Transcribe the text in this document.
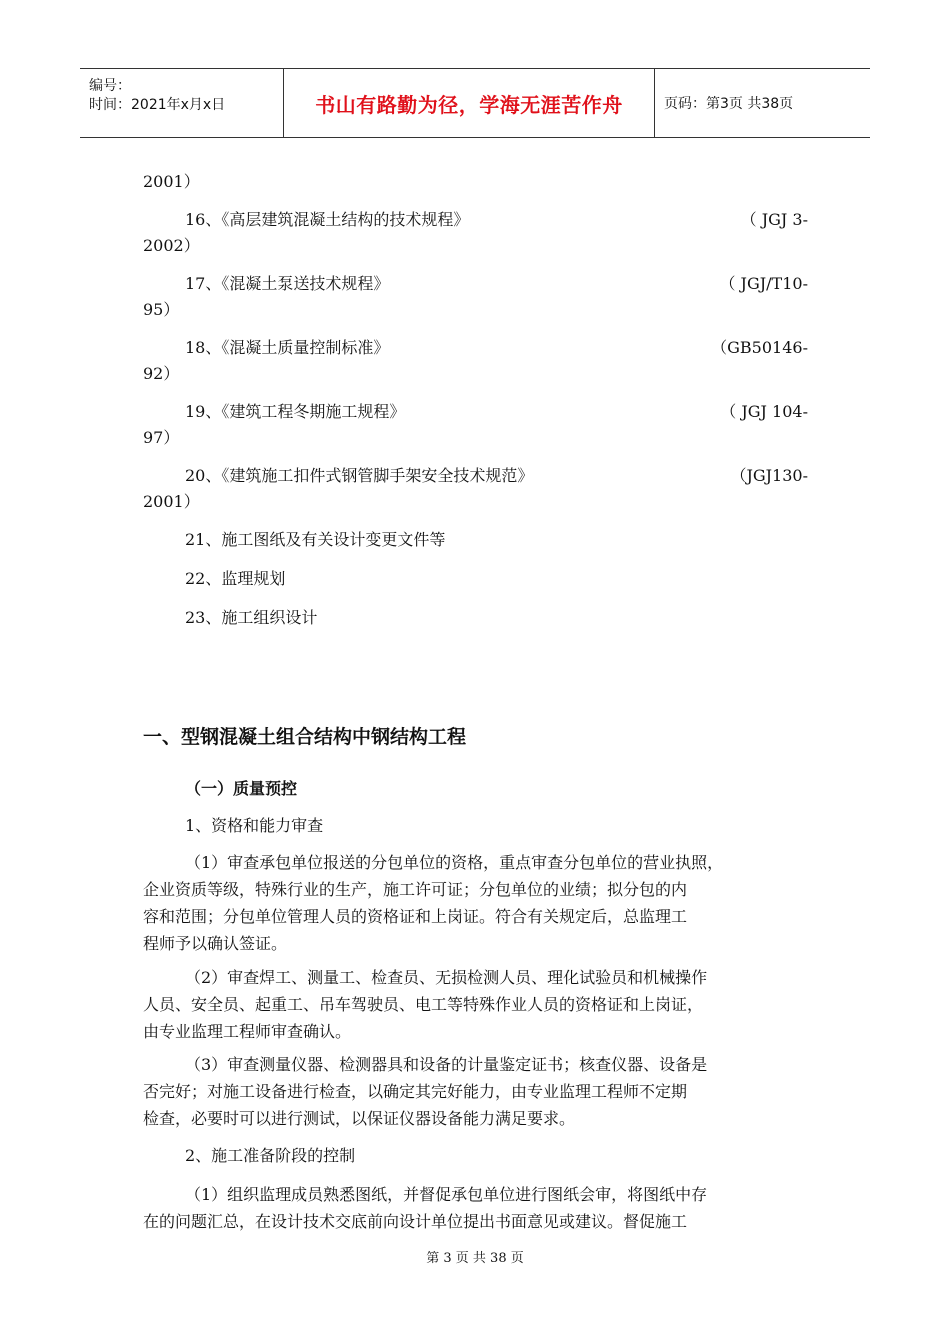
编号：
时间：2021年x月x日	书山有路勤为径，学海无涯苦作舟	页码：第3页 共38页
2001）
16、《高层建筑混凝土结构的技术规程》	（ JGJ 3-
2002）
17、《混凝土泵送技术规程》	（ JGJ/T10-
95）
18、《混凝土质量控制标准》	（GB50146-
92）
19、《建筑工程冬期施工规程》	（ JGJ 104-
97）
20、《建筑施工扣件式钢管脚手架安全技术规范》	（JGJ130-
2001）
21、施工图纸及有关设计变更文件等
22、监理规划
23、施工组织设计
一、型钢混凝土组合结构中钢结构工程
（一）质量预控
1、资格和能力审查
（1）审查承包单位报送的分包单位的资格，重点审查分包单位的营业执照，
企业资质等级，特殊行业的生产，施工许可证；分包单位的业绩；拟分包的内
容和范围；分包单位管理人员的资格证和上岗证。符合有关规定后，总监理工
程师予以确认签证。
（2）审查焊工、测量工、检查员、无损检测人员、理化试验员和机械操作
人员、安全员、起重工、吊车驾驶员、电工等特殊作业人员的资格证和上岗证，
由专业监理工程师审查确认。
（3）审查测量仪器、检测器具和设备的计量鉴定证书；核查仪器、设备是
否完好；对施工设备进行检查，以确定其完好能力，由专业监理工程师不定期
检查，必要时可以进行测试，以保证仪器设备能力满足要求。
2、施工准备阶段的控制
（1）组织监理成员熟悉图纸，并督促承包单位进行图纸会审，将图纸中存
在的问题汇总，在设计技术交底前向设计单位提出书面意见或建议。督促施工
第 3 页 共 38 页
